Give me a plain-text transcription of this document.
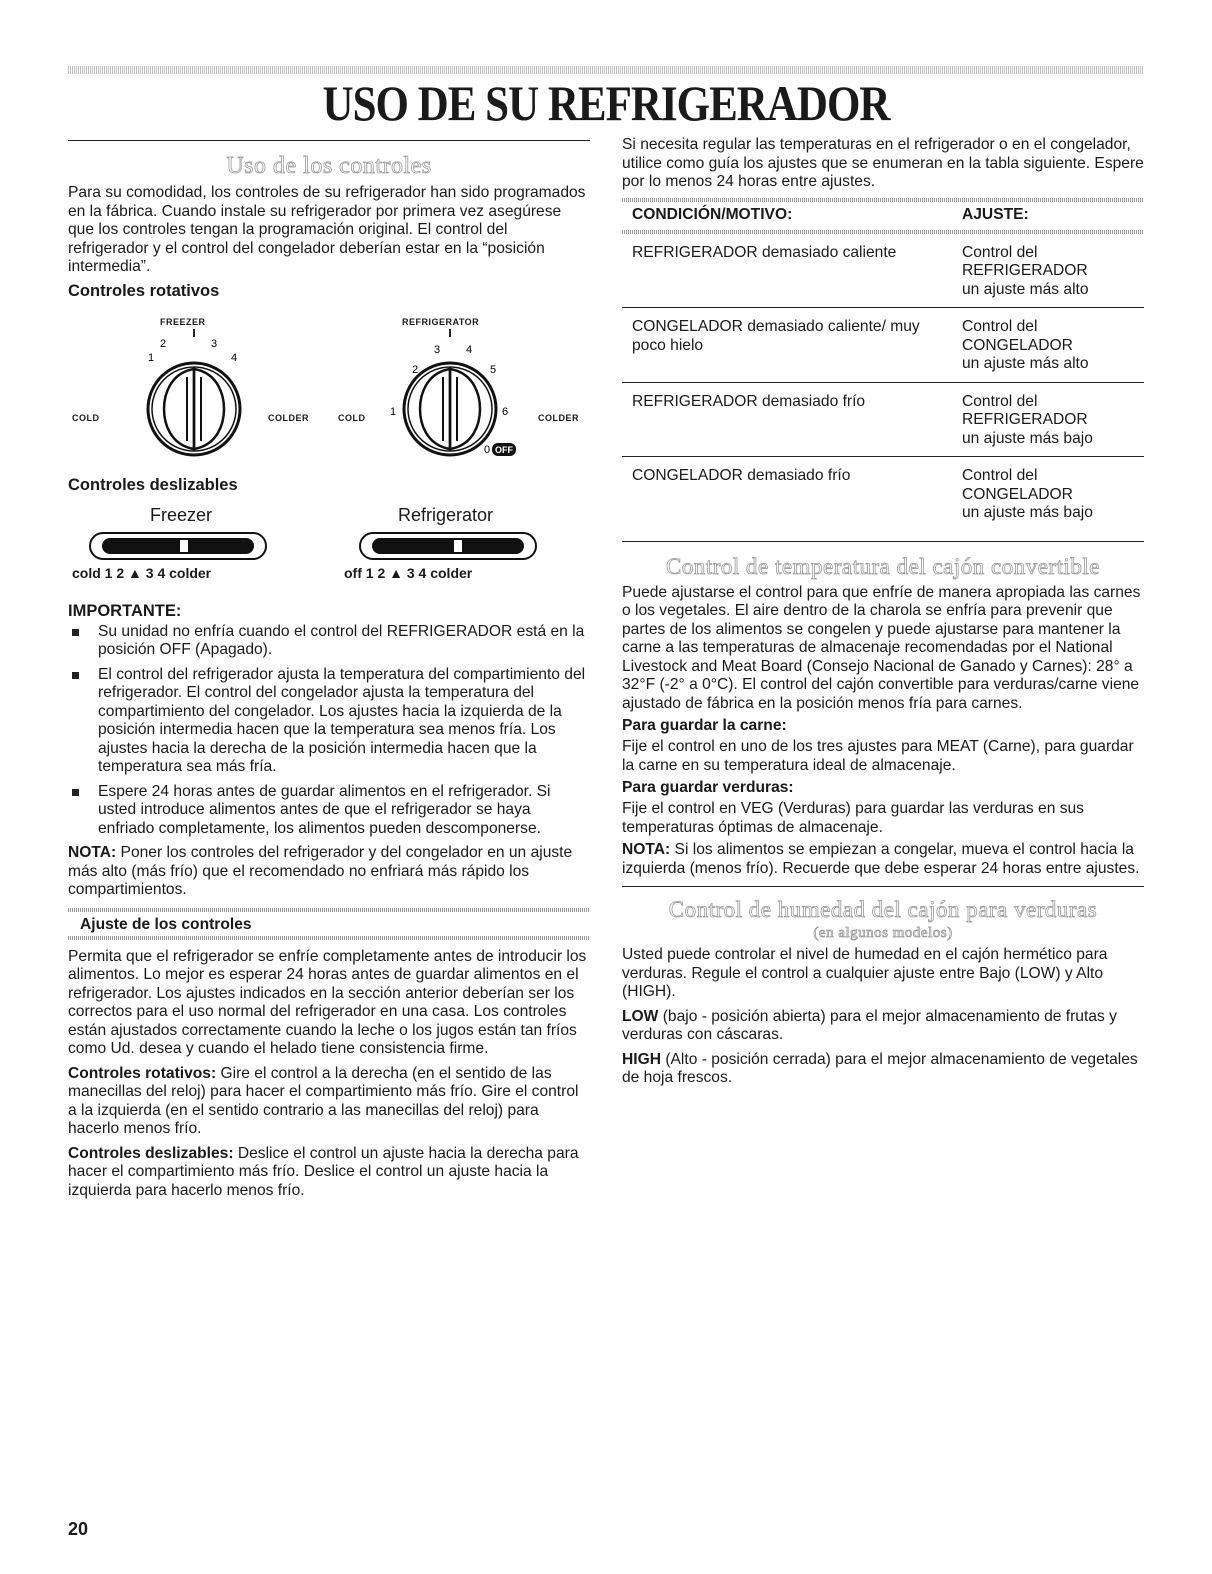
USO DE SU REFRIGERADOR
Uso de los controles

Para su comodidad, los controles de su refrigerador han sido programados en la fábrica. Cuando instale su refrigerador por primera vez asegúrese que los controles tengan la programación original. El control del refrigerador y el control del congelador deberían estar en la “posición intermedia”.

Controles rotativos
FREEZER
COLD	COLDER
1
2	3
4
REFRIGERATOR
COLD	COLDER
1
2
3 4
5
6
0 OFF
Controles deslizables
Freezer
cold 1 2 ▲ 3 4 colder
Refrigerator
off 1 2 ▲ 3 4 colder
IMPORTANTE:
Su unidad no enfría cuando el control del REFRIGERADOR está en la posición OFF (Apagado).
El control del refrigerador ajusta la temperatura del compartimiento del refrigerador. El control del congelador ajusta la temperatura del compartimiento del congelador. Los ajustes hacia la izquierda de la posición intermedia hacen que la temperatura sea menos fría. Los ajustes hacia la derecha de la posición intermedia hacen que la temperatura sea más fría.
Espere 24 horas antes de guardar alimentos en el refrigerador. Si usted introduce alimentos antes de que el refrigerador se haya enfriado completamente, los alimentos pueden descomponerse.

NOTA: Poner los controles del refrigerador y del congelador en un ajuste más alto (más frío) que el recomendado no enfriará más rápido los compartimientos.

Ajuste de los controles

Permita que el refrigerador se enfríe completamente antes de introducir los alimentos. Lo mejor es esperar 24 horas antes de guardar alimentos en el refrigerador. Los ajustes indicados en la sección anterior deberían ser los correctos para el uso normal del refrigerador en una casa. Los controles están ajustados correctamente cuando la leche o los jugos están tan fríos como Ud. desea y cuando el helado tiene consistencia firme.

Controles rotativos: Gire el control a la derecha (en el sentido de las manecillas del reloj) para hacer el compartimiento más frío. Gire el control a la izquierda (en el sentido contrario a las manecillas del reloj) para hacerlo menos frío.

Controles deslizables: Deslice el control un ajuste hacia la derecha para hacer el compartimiento más frío. Deslice el control un ajuste hacia la izquierda para hacerlo menos frío.

Si necesita regular las temperaturas en el refrigerador o en el congelador, utilice como guía los ajustes que se enumeran en la tabla siguiente. Espere por lo menos 24 horas entre ajustes.

CONDICIÓN/MOTIVO:	AJUSTE:

REFRIGERADOR demasiado caliente	Control del
REFRIGERADOR
un ajuste más alto

CONGELADOR demasiado caliente/ muy poco hielo	Control del
CONGELADOR
un ajuste más alto

REFRIGERADOR demasiado frío	Control del
REFRIGERADOR
un ajuste más bajo

CONGELADOR demasiado frío	Control del
CONGELADOR
un ajuste más bajo
Control de temperatura del cajón convertible

Puede ajustarse el control para que enfríe de manera apropiada las carnes o los vegetales. El aire dentro de la charola se enfría para prevenir que partes de los alimentos se congelen y puede ajustarse para mantener la carne a las temperaturas de almacenaje recomendadas por el National Livestock and Meat Board (Consejo Nacional de Ganado y Carnes): 28° a 32°F (-2° a 0°C). El control del cajón convertible para verduras/carne viene ajustado de fábrica en la posición menos fría para carnes.

Para guardar la carne:

Fije el control en uno de los tres ajustes para MEAT (Carne), para guardar la carne en su temperatura ideal de almacenaje.

Para guardar verduras:

Fije el control en VEG (Verduras) para guardar las verduras en sus temperaturas óptimas de almacenaje.

NOTA: Si los alimentos se empiezan a congelar, mueva el control hacia la izquierda (menos frío). Recuerde que debe esperar 24 horas entre ajustes.

Control de humedad del cajón para verduras
(en algunos modelos)

Usted puede controlar el nivel de humedad en el cajón hermético para verduras. Regule el control a cualquier ajuste entre Bajo (LOW) y Alto (HIGH).

LOW (bajo - posición abierta) para el mejor almacenamiento de frutas y verduras con cáscaras.

HIGH (Alto - posición cerrada) para el mejor almacenamiento de vegetales de hoja frescos.

20
